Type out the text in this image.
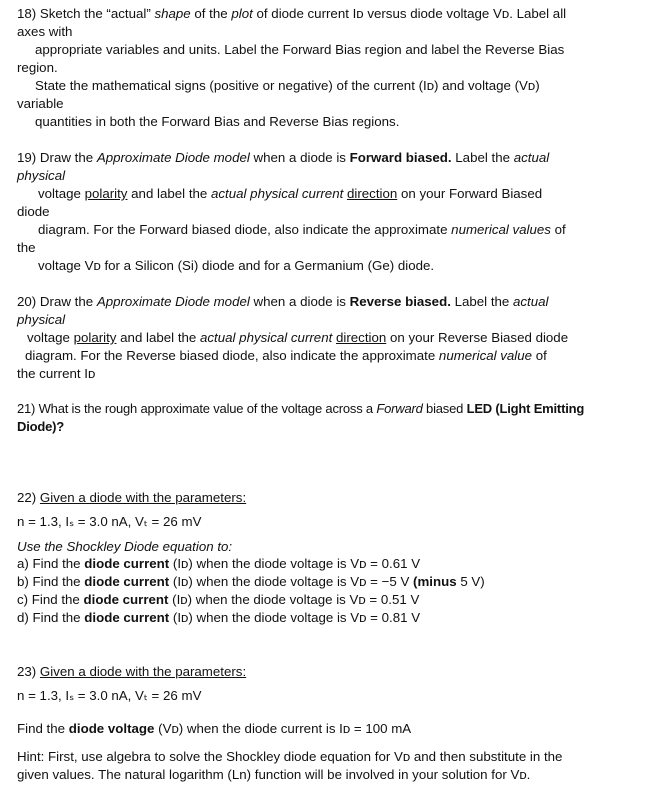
18) Sketch the “actual” shape of the plot of diode current Iᴅ versus diode voltage Vᴅ. Label all
axes with
appropriate variables and units. Label the Forward Bias region and label the Reverse Bias
region.
State the mathematical signs (positive or negative) of the current (Iᴅ) and voltage (Vᴅ)
variable
quantities in both the Forward Bias and Reverse Bias regions.
19) Draw the Approximate Diode model when a diode is Forward biased. Label the actual
physical
voltage polarity and label the actual physical current direction on your Forward Biased
diode
diagram. For the Forward biased diode, also indicate the approximate numerical values of
the
voltage Vᴅ for a Silicon (Si) diode and for a Germanium (Ge) diode.
20) Draw the Approximate Diode model when a diode is Reverse biased. Label the actual
physical
voltage polarity and label the actual physical current direction on your Reverse Biased diode
diagram. For the Reverse biased diode, also indicate the approximate numerical value of
the current Iᴅ
21) What is the rough approximate value of the voltage across a Forward biased LED (Light Emitting
Diode)?
22) Given a diode with the parameters:
n = 1.3, Iₛ = 3.0 nA, Vₜ = 26 mV
Use the Shockley Diode equation to:
a) Find the diode current (Iᴅ) when the diode voltage is Vᴅ = 0.61 V
b) Find the diode current (Iᴅ) when the diode voltage is Vᴅ = −5 V (minus 5 V)
c) Find the diode current (Iᴅ) when the diode voltage is Vᴅ = 0.51 V
d) Find the diode current (Iᴅ) when the diode voltage is Vᴅ = 0.81 V
23) Given a diode with the parameters:
n = 1.3, Iₛ = 3.0 nA, Vₜ = 26 mV
Find the diode voltage (Vᴅ) when the diode current is Iᴅ = 100 mA
Hint: First, use algebra to solve the Shockley diode equation for Vᴅ and then substitute in the
given values. The natural logarithm (Ln) function will be involved in your solution for Vᴅ.
